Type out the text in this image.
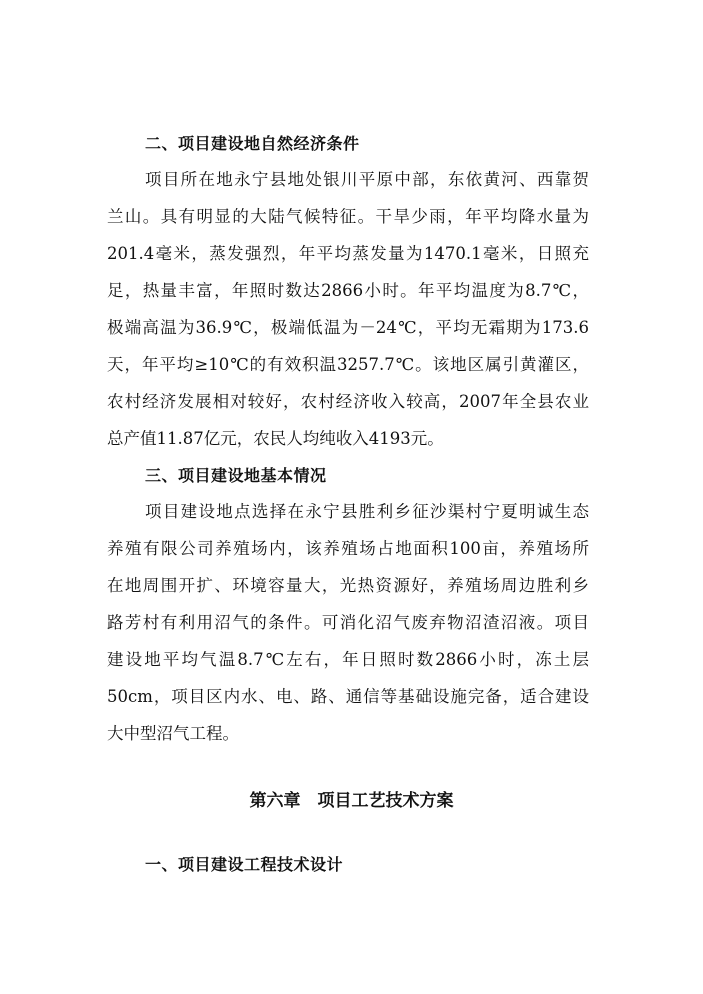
二、项目建设地自然经济条件
项目所在地永宁县地处银川平原中部，东依黄河、西靠贺
兰山。具有明显的大陆气候特征。干旱少雨，年平均降水量为
201.4毫米，蒸发强烈，年平均蒸发量为1470.1毫米，日照充
足，热量丰富，年照时数达2866小时。年平均温度为8.7℃，
极端高温为36.9℃，极端低温为－24℃，平均无霜期为173.6
天，年平均≥10℃的有效积温3257.7℃。该地区属引黄灌区，
农村经济发展相对较好，农村经济收入较高，2007年全县农业
总产值11.87亿元，农民人均纯收入4193元。
三、项目建设地基本情况
项目建设地点选择在永宁县胜利乡征沙渠村宁夏明诚生态
养殖有限公司养殖场内，该养殖场占地面积100亩，养殖场所
在地周围开扩、环境容量大，光热资源好，养殖场周边胜利乡
路芳村有利用沼气的条件。可消化沼气废弃物沼渣沼液。项目
建设地平均气温8.7℃左右，年日照时数2866小时，冻土层
50cm，项目区内水、电、路、通信等基础设施完备，适合建设
大中型沼气工程。
第六章　项目工艺技术方案
一、项目建设工程技术设计
